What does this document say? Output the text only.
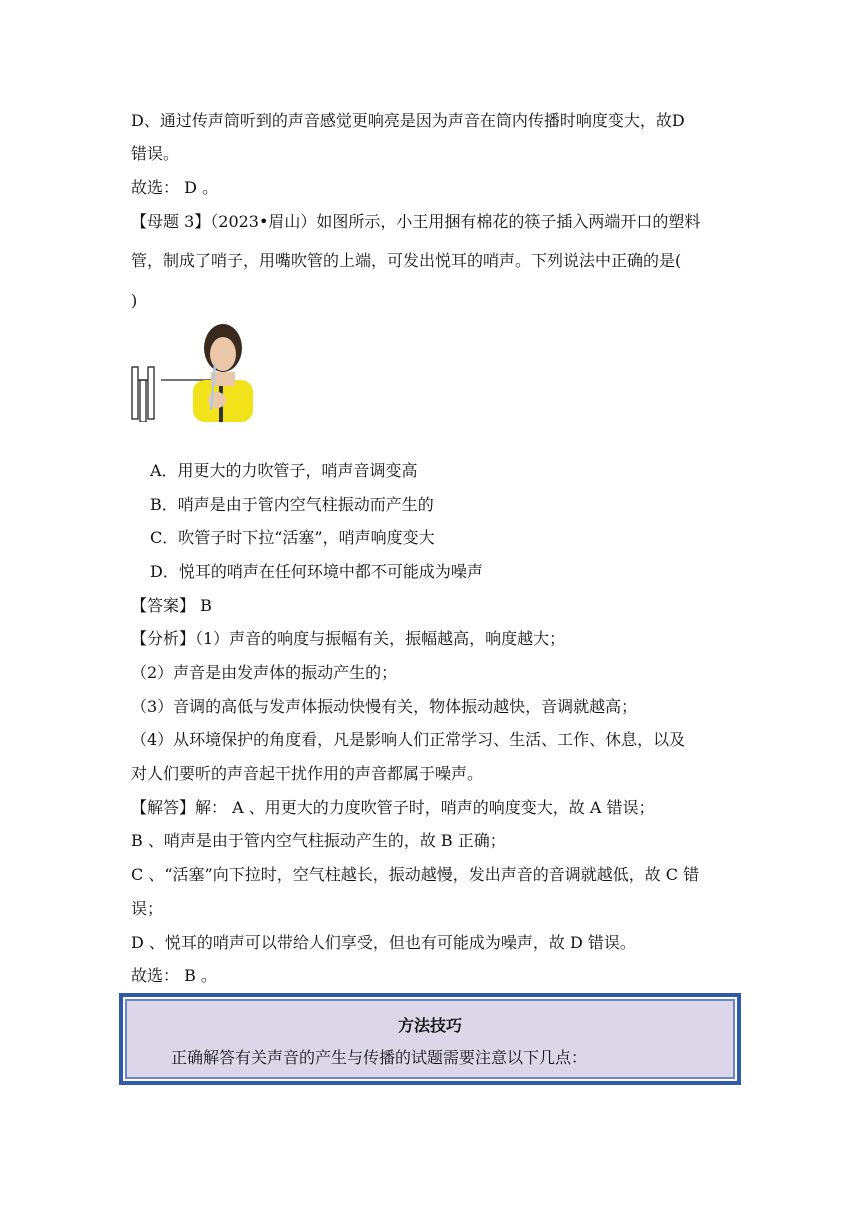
D、通过传声筒听到的声音感觉更响亮是因为声音在筒内传播时响度变大，故D
错误。
故选： D 。
【母题 3】（2023•眉山）如图所示，小王用捆有棉花的筷子插入两端开口的塑料
管，制成了哨子，用嘴吹管的上端，可发出悦耳的哨声。下列说法中正确的是(
)
A．用更大的力吹管子，哨声音调变高
B．哨声是由于管内空气柱振动而产生的
C．吹管子时下拉“活塞”，哨声响度变大
D．悦耳的哨声在任何环境中都不可能成为噪声
【答案】 B
【分析】（1）声音的响度与振幅有关，振幅越高，响度越大；
（2）声音是由发声体的振动产生的；
（3）音调的高低与发声体振动快慢有关，物体振动越快，音调就越高；
（4）从环境保护的角度看，凡是影响人们正常学习、生活、工作、休息，以及
对人们要听的声音起干扰作用的声音都属于噪声。
【解答】解： A 、用更大的力度吹管子时，哨声的响度变大，故 A 错误；
B 、哨声是由于管内空气柱振动产生的，故 B 正确；
C 、“活塞”向下拉时，空气柱越长，振动越慢，发出声音的音调就越低，故 C 错
误；
D 、悦耳的哨声可以带给人们享受，但也有可能成为噪声，故 D 错误。
故选： B 。
方法技巧
正确解答有关声音的产生与传播的试题需要注意以下几点：
